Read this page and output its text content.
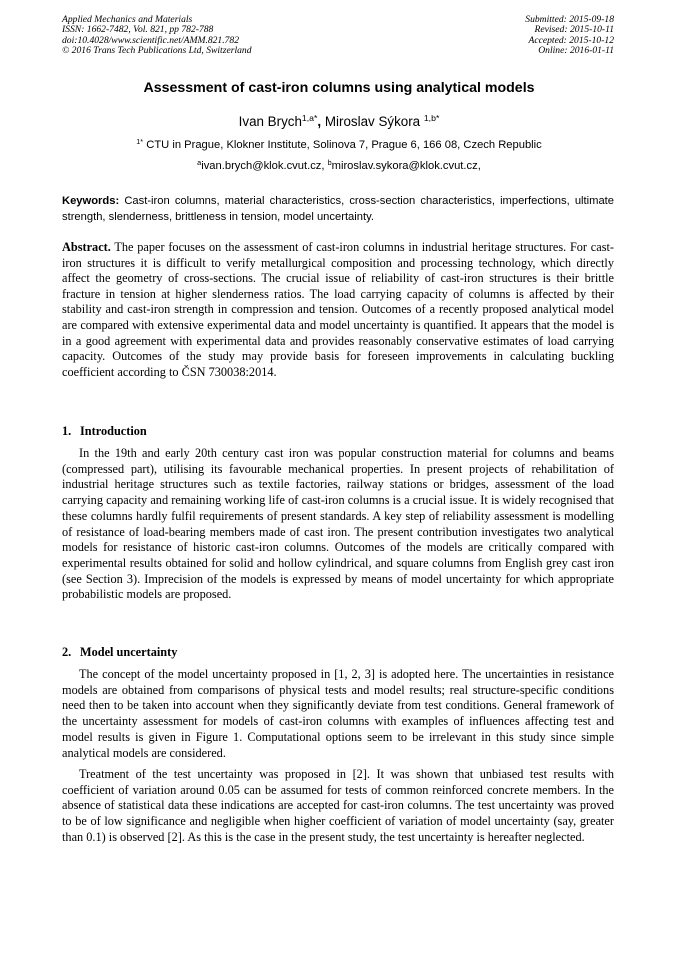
Applied Mechanics and Materials
ISSN: 1662-7482, Vol. 821, pp 782-788
doi:10.4028/www.scientific.net/AMM.821.782
© 2016 Trans Tech Publications Ltd, Switzerland
Submitted: 2015-09-18
Revised: 2015-10-11
Accepted: 2015-10-12
Online: 2016-01-11
Assessment of cast-iron columns using analytical models
Ivan Brych$^{1,a*}$, Miroslav Sýkora $^{1,b*}$
$^{1*}$ CTU in Prague, Klokner Institute, Solinova 7, Prague 6, 166 08, Czech Republic
$^a$ivan.brych@klok.cvut.cz, $^b$miroslav.sykora@klok.cvut.cz,
Keywords: Cast-iron columns, material characteristics, cross-section characteristics, imperfections, ultimate strength, slenderness, brittleness in tension, model uncertainty.
Abstract. The paper focuses on the assessment of cast-iron columns in industrial heritage structures. For cast-iron structures it is difficult to verify metallurgical composition and processing technology, which directly affect the geometry of cross-sections. The crucial issue of reliability of cast-iron structures is their brittle fracture in tension at higher slenderness ratios. The load carrying capacity of columns is affected by their stability and cast-iron strength in compression and tension. Outcomes of a recently proposed analytical model are compared with extensive experimental data and model uncertainty is quantified. It appears that the model is in a good agreement with experimental data and provides reasonably conservative estimates of load carrying capacity. Outcomes of the study may provide basis for foreseen improvements in calculating buckling coefficient according to ČSN 730038:2014.
1. Introduction
In the 19th and early 20th century cast iron was popular construction material for columns and beams (compressed part), utilising its favourable mechanical properties. In present projects of rehabilitation of industrial heritage structures such as textile factories, railway stations or bridges, assessment of the load carrying capacity and remaining working life of cast-iron columns is a crucial issue. It is widely recognised that these columns hardly fulfil requirements of present standards. A key step of reliability assessment is modelling of resistance of load-bearing members made of cast iron. The present contribution investigates two analytical models for resistance of historic cast-iron columns. Outcomes of the models are critically compared with experimental results obtained for solid and hollow cylindrical, and square columns from English grey cast iron (see Section 3). Imprecision of the models is expressed by means of model uncertainty for which appropriate probabilistic models are proposed.
2. Model uncertainty
The concept of the model uncertainty proposed in [1, 2, 3] is adopted here. The uncertainties in resistance models are obtained from comparisons of physical tests and model results; real structure-specific conditions need then to be taken into account when they significantly deviate from test conditions. General framework of the uncertainty assessment for models of cast-iron columns with examples of influences affecting test and model results is given in Figure 1. Computational options seem to be irrelevant in this study since simple analytical models are considered.
Treatment of the test uncertainty was proposed in [2]. It was shown that unbiased test results with coefficient of variation around 0.05 can be assumed for tests of common reinforced concrete members. In the absence of statistical data these indications are accepted for cast-iron columns. The test uncertainty was proved to be of low significance and negligible when higher coefficient of variation of model uncertainty (say, greater than 0.1) is observed [2]. As this is the case in the present study, the test uncertainty is hereafter neglected.
